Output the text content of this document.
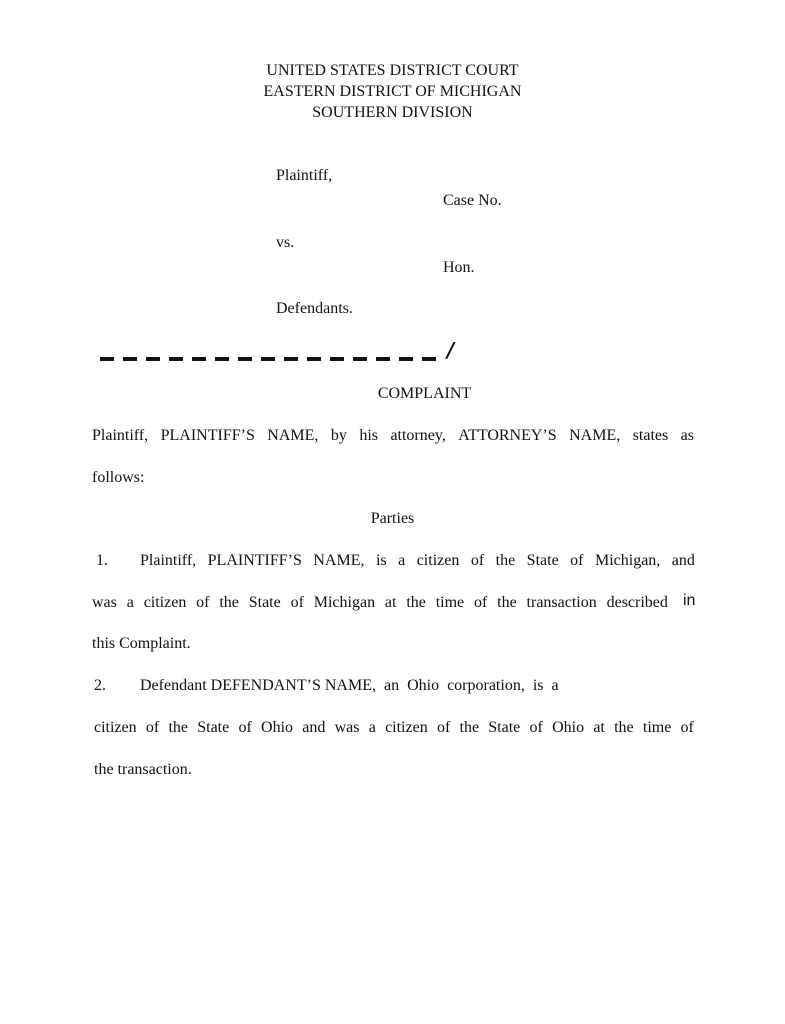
UNITED STATES DISTRICT COURT
EASTERN DISTRICT OF MICHIGAN
SOUTHERN DIVISION
Plaintiff,
Case No.
vs.
Hon.
Defendants.
/
COMPLAINT
Plaintiff, PLAINTIFF’S NAME, by his attorney, ATTORNEY’S NAME, states as
follows:
Parties
1. Plaintiff, PLAINTIFF’S NAME, is a citizen of the State of Michigan, and
was a citizen of the State of Michigan at the time of the transaction described in
this Complaint.
2. Defendant DEFENDANT’S NAME,  an  Ohio  corporation,  is  a
citizen of the State of Ohio and was a citizen of the State of Ohio at the time of
the transaction.
